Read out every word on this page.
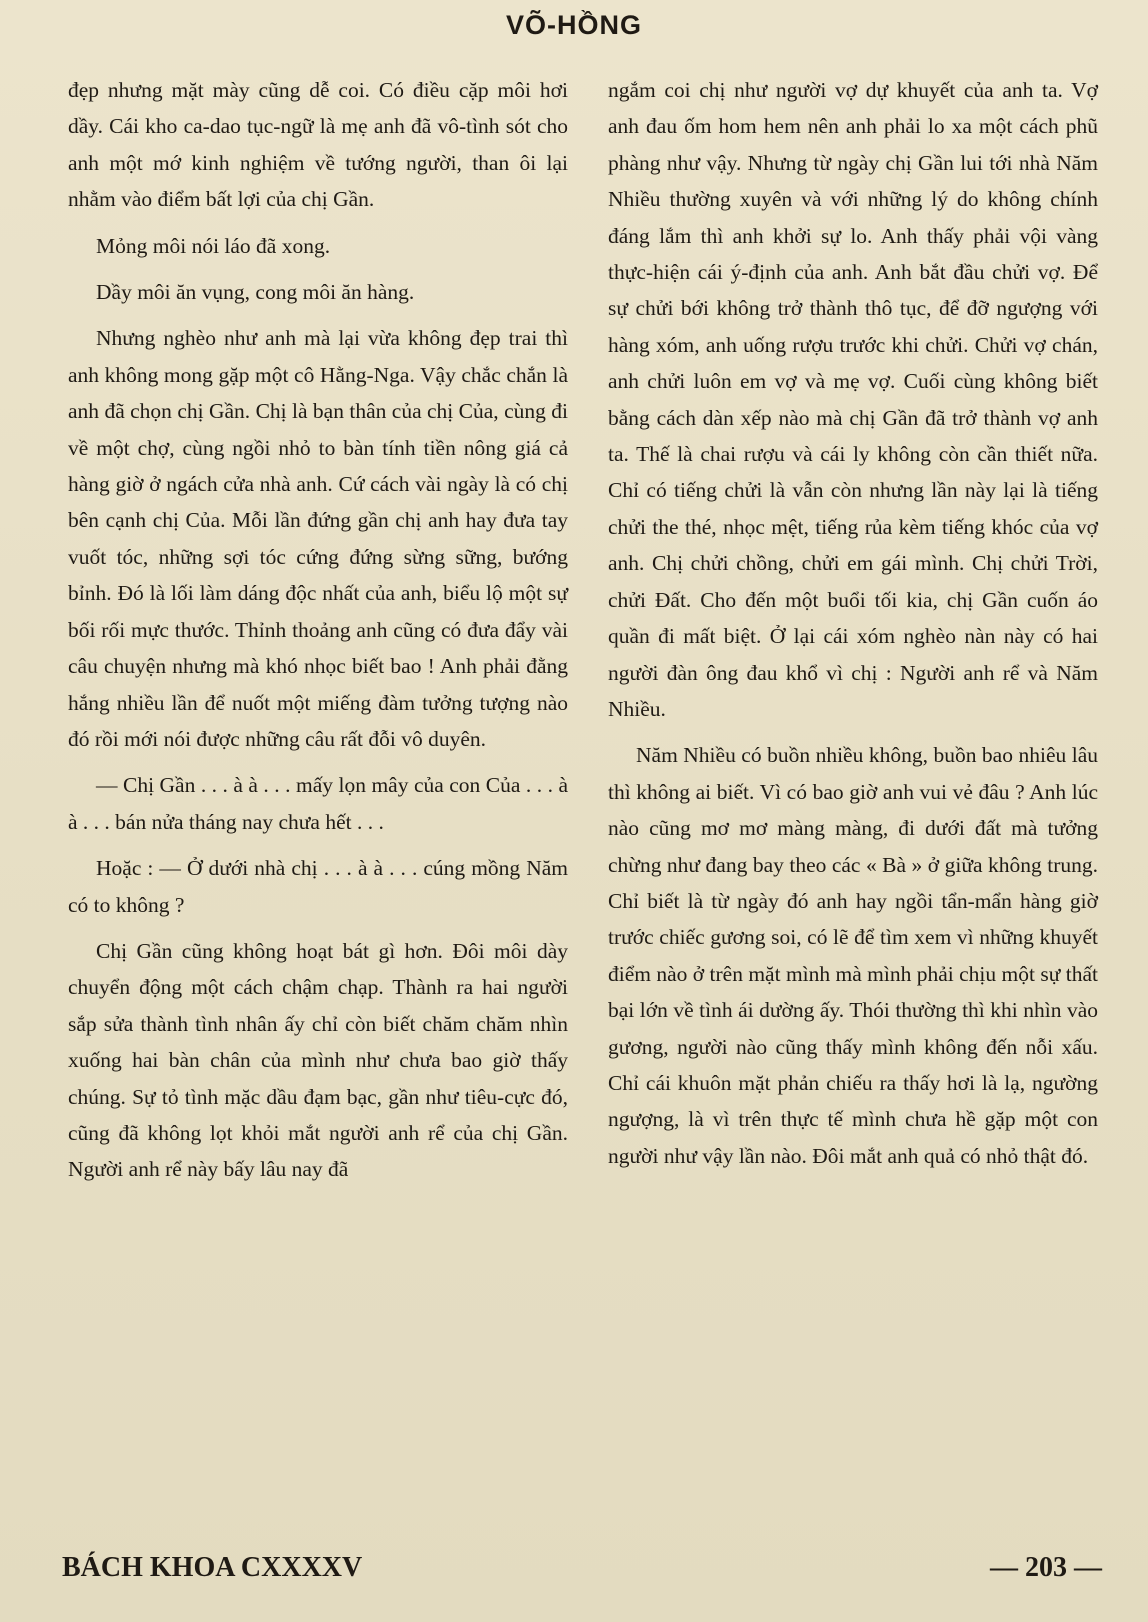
VÕ-HỒNG

đẹp nhưng mặt mày cũng dễ coi. Có điều cặp môi hơi dầy. Cái kho ca-dao tục-ngữ là mẹ anh đã vô-tình sót cho anh một mớ kinh nghiệm về tướng người, than ôi lại nhằm vào điểm bất lợi của chị Gần.

Mỏng môi nói láo đã xong.

Dầy môi ăn vụng, cong môi ăn hàng.

Nhưng nghèo như anh mà lại vừa không đẹp trai thì anh không mong gặp một cô Hằng-Nga. Vậy chắc chắn là anh đã chọn chị Gần. Chị là bạn thân của chị Của, cùng đi về một chợ, cùng ngồi nhỏ to bàn tính tiền nông giá cả hàng giờ ở ngách cửa nhà anh. Cứ cách vài ngày là có chị bên cạnh chị Của. Mỗi lần đứng gần chị anh hay đưa tay vuốt tóc, những sợi tóc cứng đứng sừng sững, bướng bỉnh. Đó là lối làm dáng độc nhất của anh, biểu lộ một sự bối rối mực thước. Thỉnh thoảng anh cũng có đưa đẩy vài câu chuyện nhưng mà khó nhọc biết bao ! Anh phải đằng hắng nhiều lần để nuốt một miếng đàm tưởng tượng nào đó rồi mới nói được những câu rất đỗi vô duyên.

— Chị Gần . . . à à . . . mấy lọn mây của con Của . . . à à . . . bán nửa tháng nay chưa hết . . .

Hoặc : — Ở dưới nhà chị . . . à à . . . cúng mồng Năm có to không ?

Chị Gần cũng không hoạt bát gì hơn. Đôi môi dày chuyển động một cách chậm chạp. Thành ra hai người sắp sửa thành tình nhân ấy chỉ còn biết chăm chăm nhìn xuống hai bàn chân của mình như chưa bao giờ thấy chúng. Sự tỏ tình mặc dầu đạm bạc, gần như tiêu-cực đó, cũng đã không lọt khỏi mắt người anh rể của chị Gần. Người anh rể này bấy lâu nay đã

ngắm coi chị như người vợ dự khuyết của anh ta. Vợ anh đau ốm hom hem nên anh phải lo xa một cách phũ phàng như vậy. Nhưng từ ngày chị Gần lui tới nhà Năm Nhiều thường xuyên và với những lý do không chính đáng lắm thì anh khởi sự lo. Anh thấy phải vội vàng thực-hiện cái ý-định của anh. Anh bắt đầu chửi vợ. Để sự chửi bới không trở thành thô tục, để đỡ ngượng với hàng xóm, anh uống rượu trước khi chửi. Chửi vợ chán, anh chửi luôn em vợ và mẹ vợ. Cuối cùng không biết bằng cách dàn xếp nào mà chị Gần đã trở thành vợ anh ta. Thế là chai rượu và cái ly không còn cần thiết nữa. Chỉ có tiếng chửi là vẫn còn nhưng lần này lại là tiếng chửi the thé, nhọc mệt, tiếng rủa kèm tiếng khóc của vợ anh. Chị chửi chồng, chửi em gái mình. Chị chửi Trời, chửi Đất. Cho đến một buổi tối kia, chị Gần cuốn áo quần đi mất biệt. Ở lại cái xóm nghèo nàn này có hai người đàn ông đau khổ vì chị : Người anh rể và Năm Nhiều.

Năm Nhiều có buồn nhiều không, buồn bao nhiêu lâu thì không ai biết. Vì có bao giờ anh vui vẻ đâu ? Anh lúc nào cũng mơ mơ màng màng, đi dưới đất mà tưởng chừng như đang bay theo các « Bà » ở giữa không trung. Chỉ biết là từ ngày đó anh hay ngồi tẩn-mẩn hàng giờ trước chiếc gương soi, có lẽ để tìm xem vì những khuyết điểm nào ở trên mặt mình mà mình phải chịu một sự thất bại lớn về tình ái dường ấy. Thói thường thì khi nhìn vào gương, người nào cũng thấy mình không đến nỗi xấu. Chỉ cái khuôn mặt phản chiếu ra thấy hơi là lạ, ngường ngượng, là vì trên thực tế mình chưa hề gặp một con người như vậy lần nào. Đôi mắt anh quả có nhỏ thật đó.

BÁCH KHOA CXXXXV	— 203 —
